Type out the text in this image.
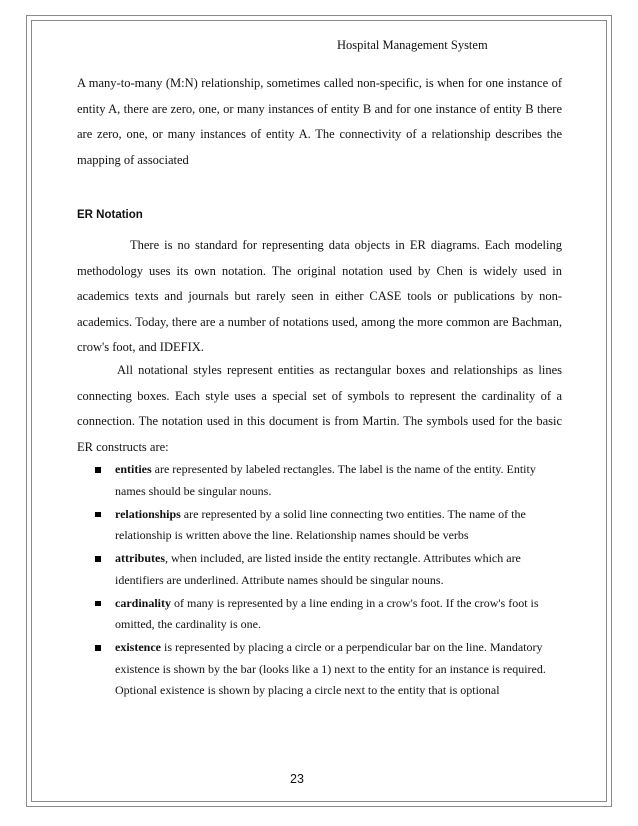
Hospital Management System

A many-to-many (M:N) relationship, sometimes called non-specific, is when for one instance of entity A, there are zero, one, or many instances of entity B and for one instance of entity B there are zero, one, or many instances of entity A. The connectivity of a relationship describes the mapping of associated

ER Notation

There is no standard for representing data objects in ER diagrams. Each modeling methodology uses its own notation. The original notation used by Chen is widely used in academics texts and journals but rarely seen in either CASE tools or publications by non-academics. Today, there are a number of notations used, among the more common are Bachman, crow's foot, and IDEFIX.

All notational styles represent entities as rectangular boxes and relationships as lines connecting boxes. Each style uses a special set of symbols to represent the cardinality of a connection. The notation used in this document is from Martin. The symbols used for the basic ER constructs are:

entities are represented by labeled rectangles. The label is the name of the entity. Entity names should be singular nouns.
relationships are represented by a solid line connecting two entities. The name of the relationship is written above the line. Relationship names should be verbs
attributes, when included, are listed inside the entity rectangle. Attributes which are identifiers are underlined. Attribute names should be singular nouns.
cardinality of many is represented by a line ending in a crow's foot. If the crow's foot is omitted, the cardinality is one.
existence is represented by placing a circle or a perpendicular bar on the line. Mandatory existence is shown by the bar (looks like a 1) next to the entity for an instance is required. Optional existence is shown by placing a circle next to the entity that is optional
23
